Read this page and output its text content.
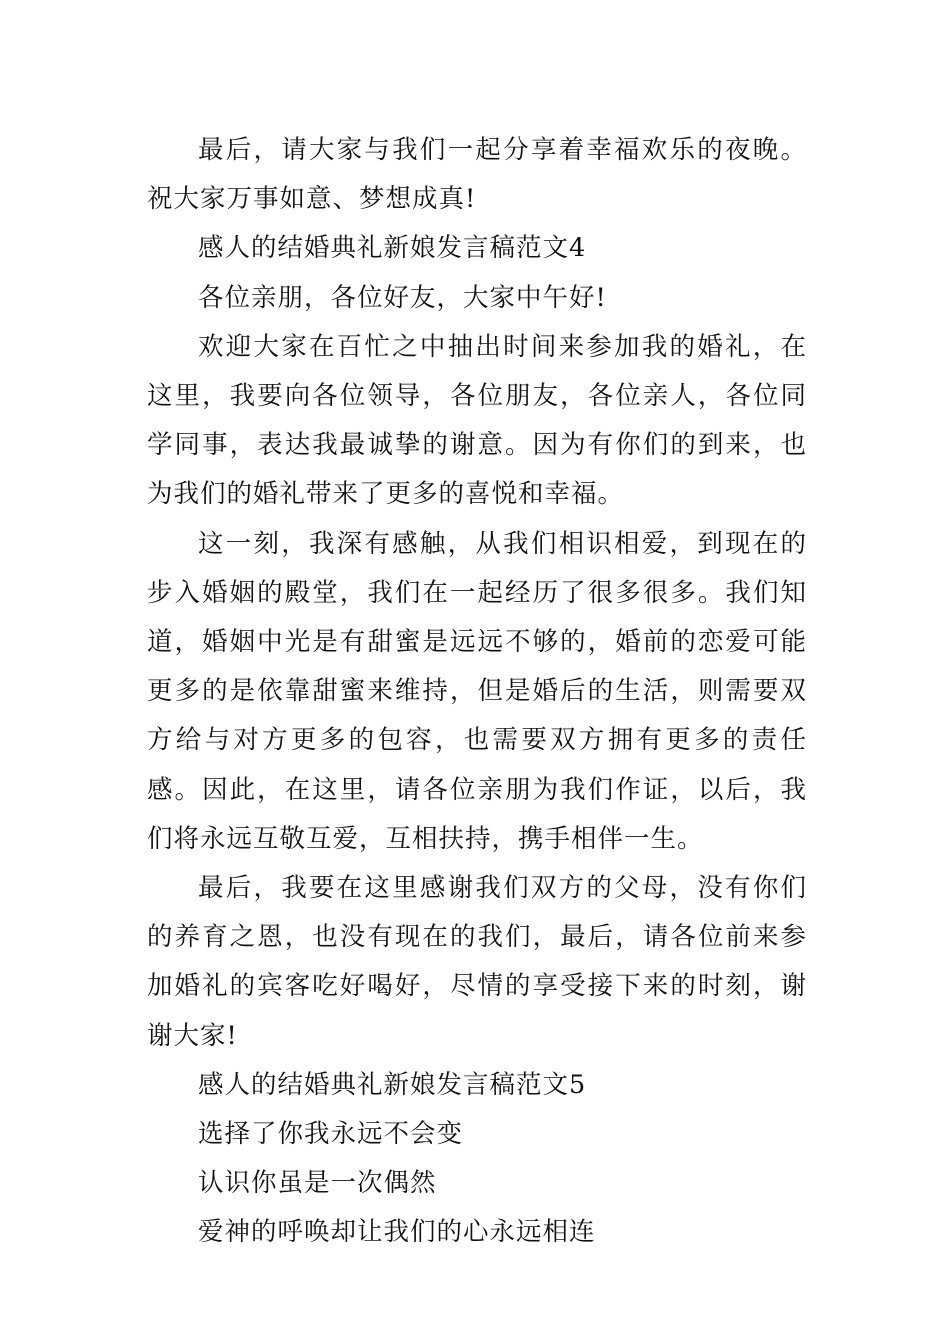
最后，请大家与我们一起分享着幸福欢乐的夜晚。祝大家万事如意、梦想成真!

感人的结婚典礼新娘发言稿范文4

各位亲朋，各位好友，大家中午好!

欢迎大家在百忙之中抽出时间来参加我的婚礼，在这里，我要向各位领导，各位朋友，各位亲人，各位同学同事，表达我最诚挚的谢意。因为有你们的到来，也为我们的婚礼带来了更多的喜悦和幸福。

这一刻，我深有感触，从我们相识相爱，到现在的步入婚姻的殿堂，我们在一起经历了很多很多。我们知道，婚姻中光是有甜蜜是远远不够的，婚前的恋爱可能更多的是依靠甜蜜来维持，但是婚后的生活，则需要双方给与对方更多的包容，也需要双方拥有更多的责任感。因此，在这里，请各位亲朋为我们作证，以后，我们将永远互敬互爱，互相扶持，携手相伴一生。

最后，我要在这里感谢我们双方的父母，没有你们的养育之恩，也没有现在的我们，最后，请各位前来参加婚礼的宾客吃好喝好，尽情的享受接下来的时刻，谢谢大家!

感人的结婚典礼新娘发言稿范文5

选择了你我永远不会变

认识你虽是一次偶然

爱神的呼唤却让我们的心永远相连
